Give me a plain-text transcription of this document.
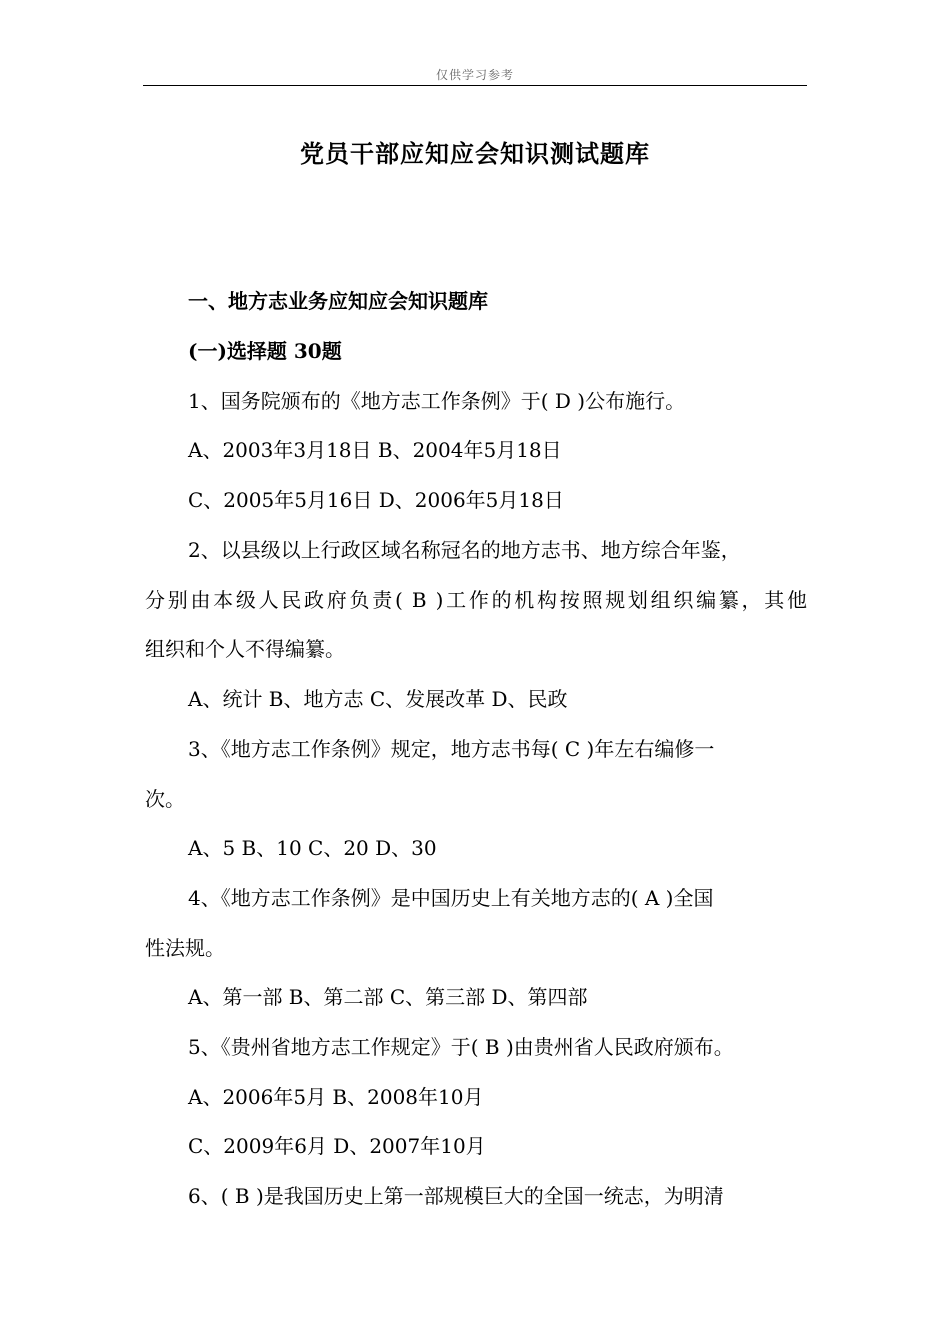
仅供学习参考
党员干部应知应会知识测试题库
一、地方志业务应知应会知识题库
(一)选择题 30题
1、国务院颁布的《地方志工作条例》于( D )公布施行。
A、2003年3月18日 B、2004年5月18日
C、2005年5月16日 D、2006年5月18日
2、以县级以上行政区域名称冠名的地方志书、地方综合年鉴，
分别由本级人民政府负责( B )工作的机构按照规划组织编纂，其他
组织和个人不得编纂。
A、统计 B、地方志 C、发展改革 D、民政
3、《地方志工作条例》规定，地方志书每( C )年左右编修一
次。
A、5 B、10 C、20 D、30
4、《地方志工作条例》是中国历史上有关地方志的( A )全国
性法规。
A、第一部 B、第二部 C、第三部 D、第四部
5、《贵州省地方志工作规定》于( B )由贵州省人民政府颁布。
A、2006年5月 B、2008年10月
C、2009年6月 D、2007年10月
6、( B )是我国历史上第一部规模巨大的全国一统志，为明清
